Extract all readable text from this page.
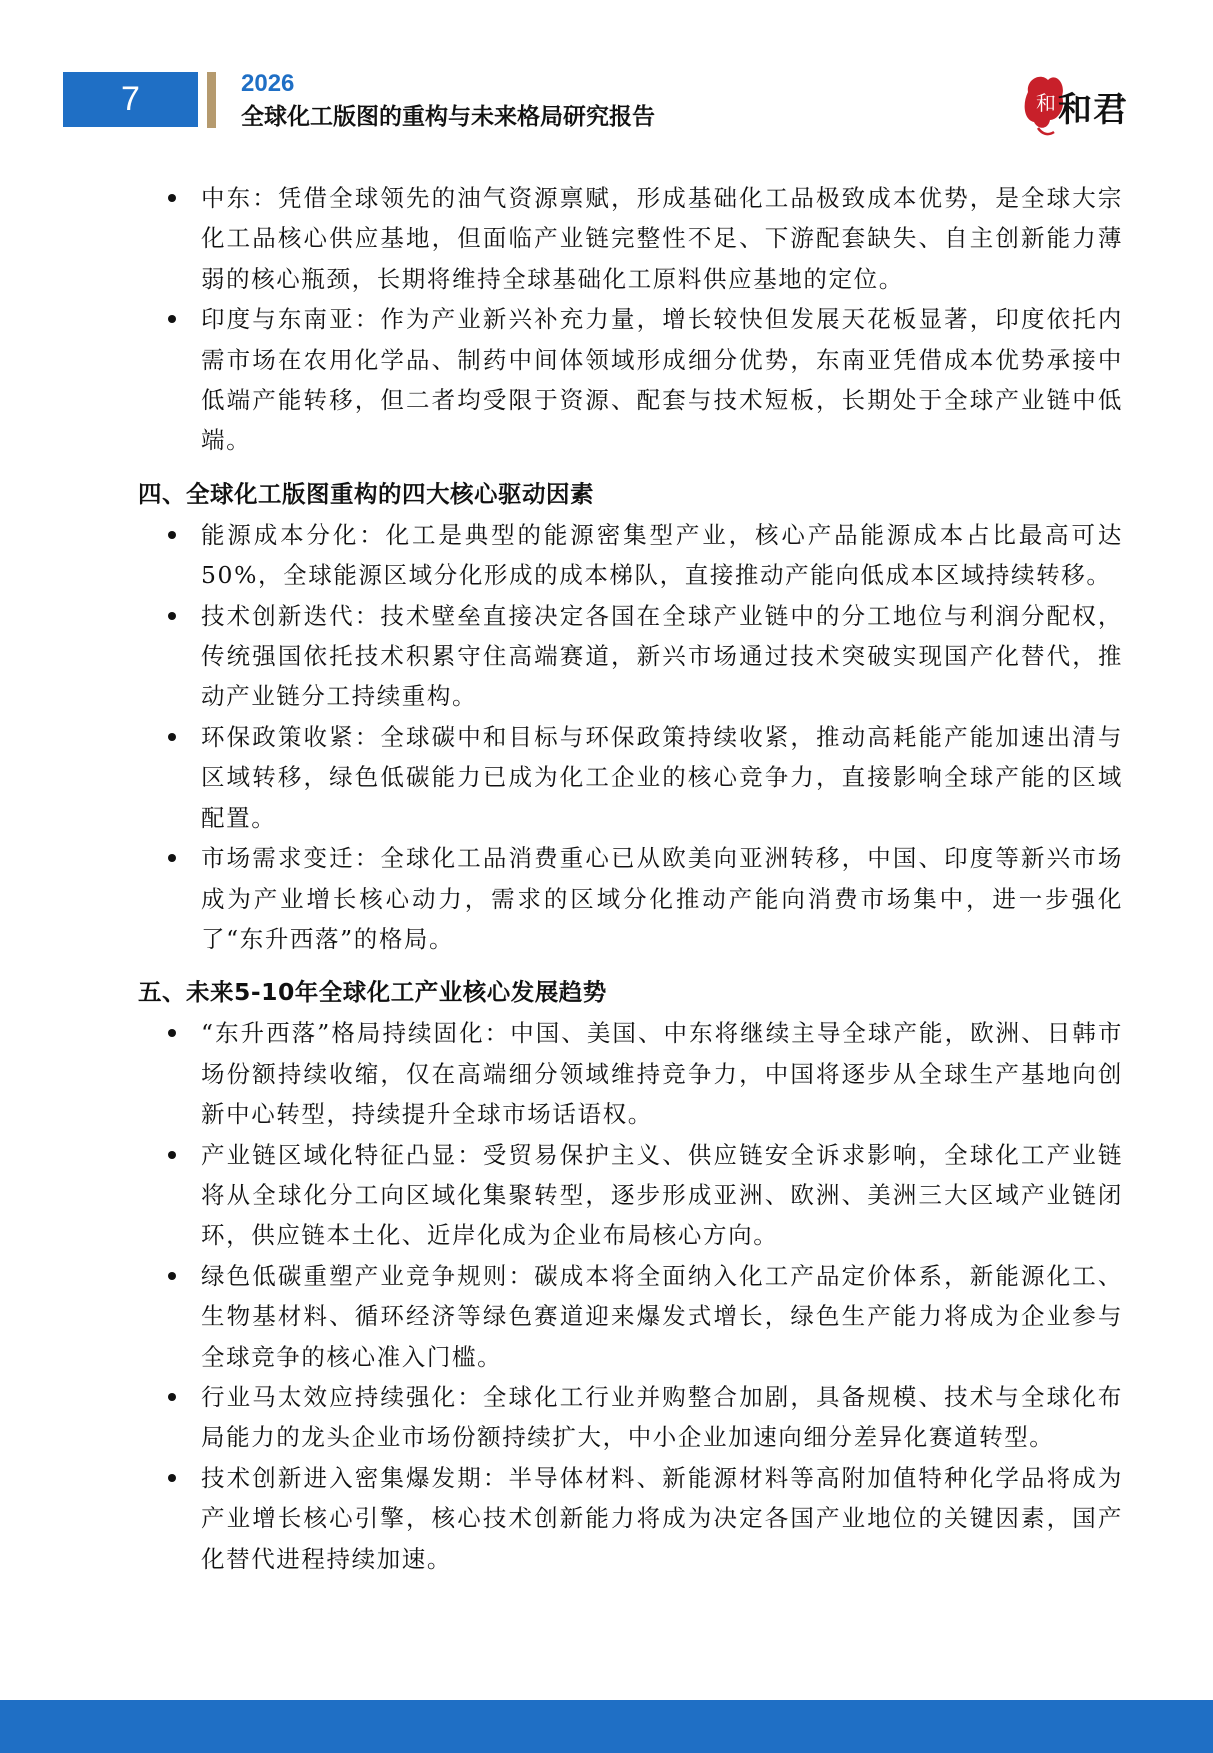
7	2026
全球化工版图的重构与未来格局研究报告
和 和君
中东：凭借全球领先的油气资源禀赋，形成基础化工品极致成本优势，是全球大宗化工品核心供应基地，但面临产业链完整性不足、下游配套缺失、自主创新能力薄弱的核心瓶颈，长期将维持全球基础化工原料供应基地的定位。
印度与东南亚：作为产业新兴补充力量，增长较快但发展天花板显著，印度依托内需市场在农用化学品、制药中间体领域形成细分优势，东南亚凭借成本优势承接中低端产能转移，但二者均受限于资源、配套与技术短板，长期处于全球产业链中低端。
四、全球化工版图重构的四大核心驱动因素
能源成本分化：化工是典型的能源密集型产业，核心产品能源成本占比最高可达50%，全球能源区域分化形成的成本梯队，直接推动产能向低成本区域持续转移。
技术创新迭代：技术壁垒直接决定各国在全球产业链中的分工地位与利润分配权，传统强国依托技术积累守住高端赛道，新兴市场通过技术突破实现国产化替代，推动产业链分工持续重构。
环保政策收紧：全球碳中和目标与环保政策持续收紧，推动高耗能产能加速出清与区域转移，绿色低碳能力已成为化工企业的核心竞争力，直接影响全球产能的区域配置。
市场需求变迁：全球化工品消费重心已从欧美向亚洲转移，中国、印度等新兴市场成为产业增长核心动力，需求的区域分化推动产能向消费市场集中，进一步强化了“东升西落”的格局。
五、未来5-10年全球化工产业核心发展趋势
“东升西落”格局持续固化：中国、美国、中东将继续主导全球产能，欧洲、日韩市场份额持续收缩，仅在高端细分领域维持竞争力，中国将逐步从全球生产基地向创新中心转型，持续提升全球市场话语权。
产业链区域化特征凸显：受贸易保护主义、供应链安全诉求影响，全球化工产业链将从全球化分工向区域化集聚转型，逐步形成亚洲、欧洲、美洲三大区域产业链闭环，供应链本土化、近岸化成为企业布局核心方向。
绿色低碳重塑产业竞争规则：碳成本将全面纳入化工产品定价体系，新能源化工、生物基材料、循环经济等绿色赛道迎来爆发式增长，绿色生产能力将成为企业参与全球竞争的核心准入门槛。
行业马太效应持续强化：全球化工行业并购整合加剧，具备规模、技术与全球化布局能力的龙头企业市场份额持续扩大，中小企业加速向细分差异化赛道转型。
技术创新进入密集爆发期：半导体材料、新能源材料等高附加值特种化学品将成为产业增长核心引擎，核心技术创新能力将成为决定各国产业地位的关键因素，国产化替代进程持续加速。
